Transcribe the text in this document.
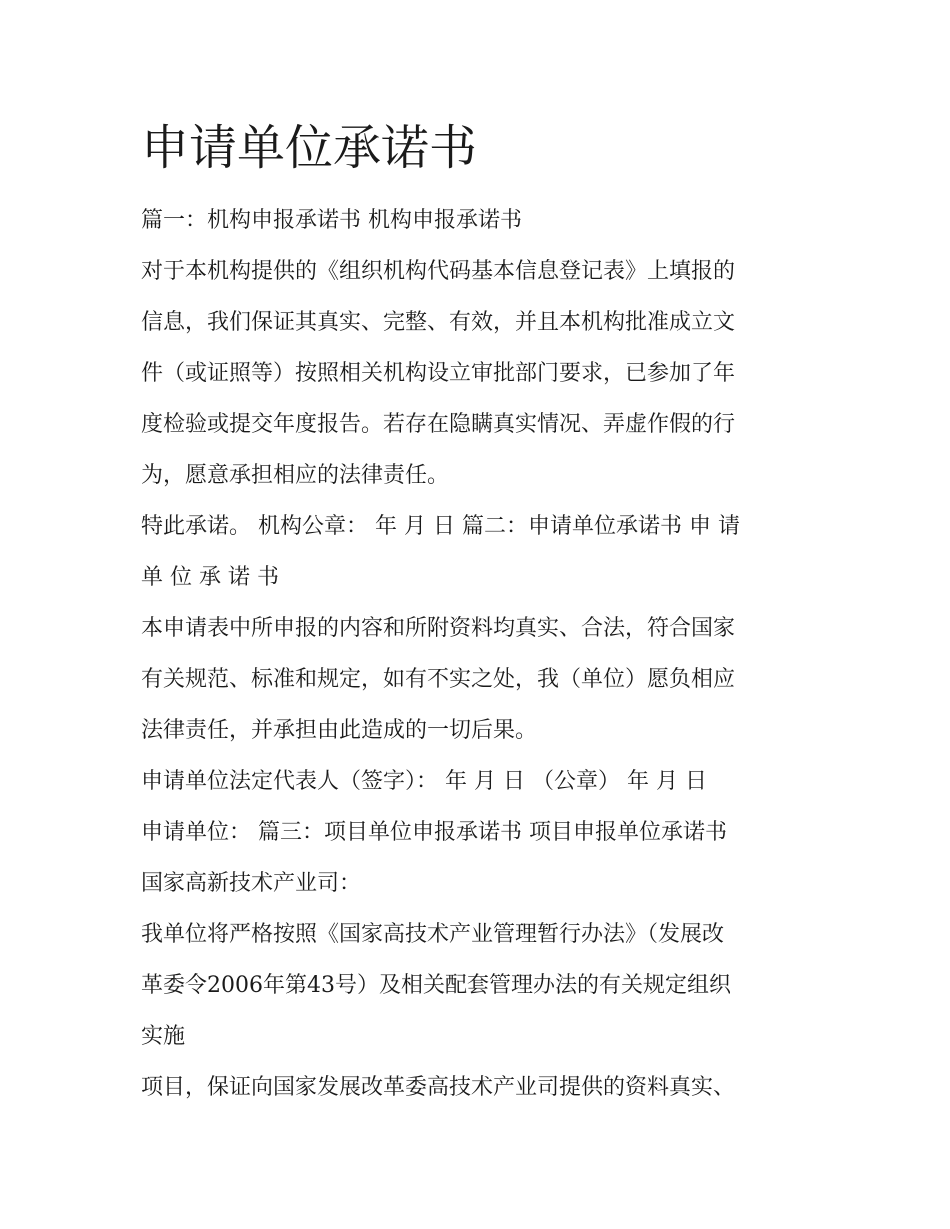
申请单位承诺书

篇一：机构申报承诺书 机构申报承诺书

对于本机构提供的《组织机构代码基本信息登记表》上填报的

信息，我们保证其真实、完整、有效，并且本机构批准成立文

件（或证照等）按照相关机构设立审批部门要求，已参加了年

度检验或提交年度报告。若存在隐瞒真实情况、弄虚作假的行

为，愿意承担相应的法律责任。

特此承诺。 机构公章： 年 月 日 篇二：申请单位承诺书 申 请

单 位 承 诺 书

本申请表中所申报的内容和所附资料均真实、合法，符合国家

有关规范、标准和规定，如有不实之处，我（单位）愿负相应

法律责任，并承担由此造成的一切后果。

申请单位法定代表人（签字）： 年 月 日 （公章） 年 月 日

申请单位： 篇三：项目单位申报承诺书 项目申报单位承诺书

国家高新技术产业司：

我单位将严格按照《国家高技术产业管理暂行办法》（发展改

革委令2006年第43号）及相关配套管理办法的有关规定组织

实施

项目，保证向国家发展改革委高技术产业司提供的资料真实、
